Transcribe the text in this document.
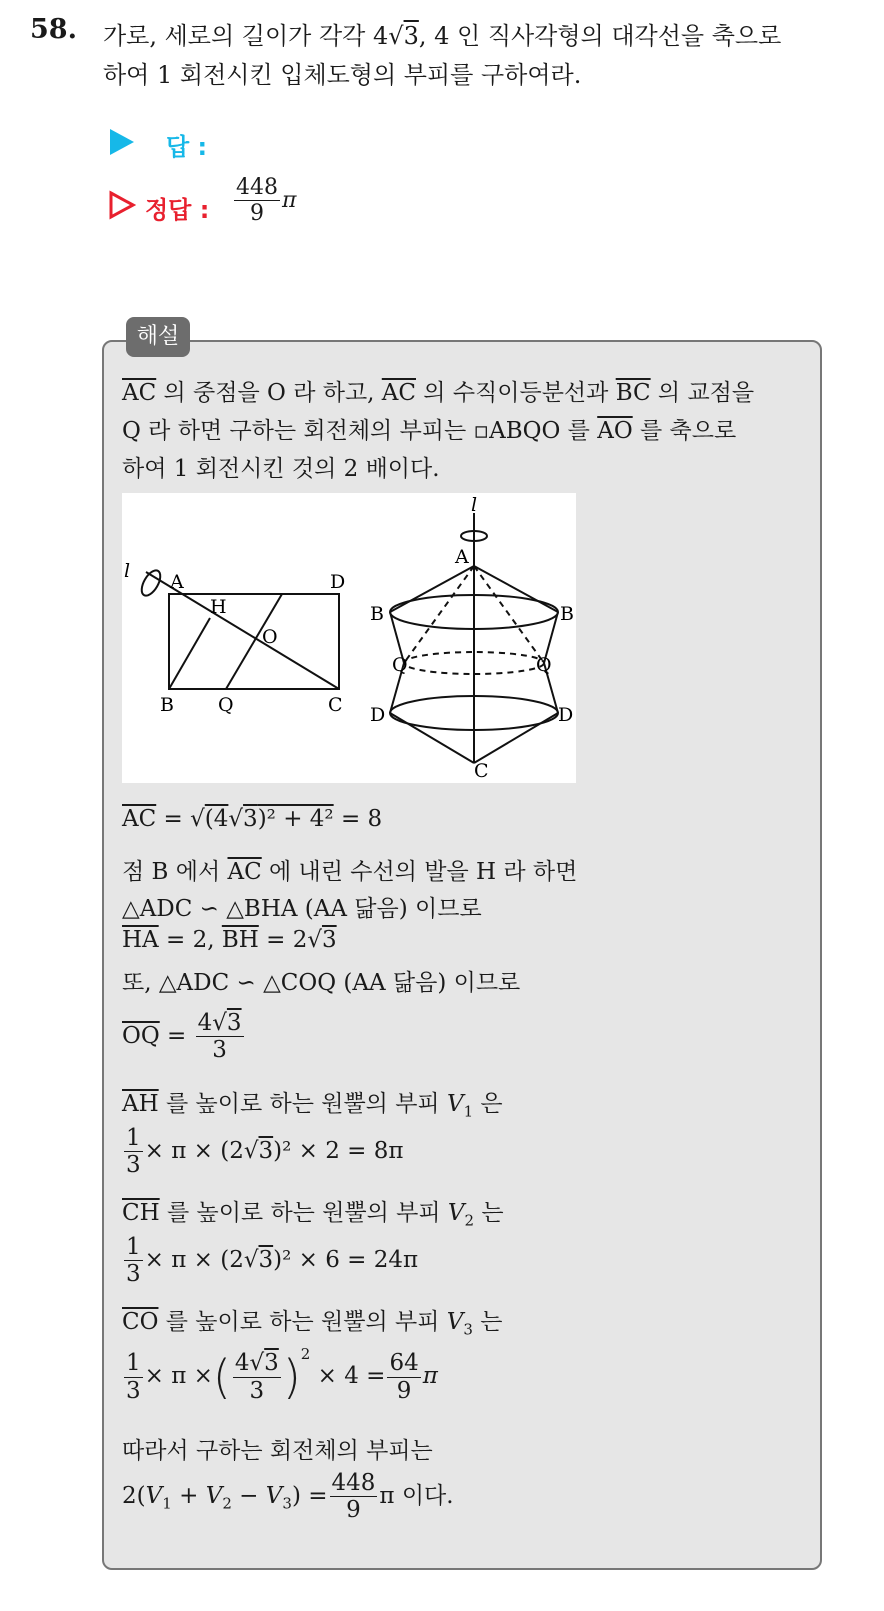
58. 가로, 세로의 길이가 각각 4√3, 4 인 직사각형의 대각선을 축으로
하여 1 회전시킨 입체도형의 부피를 구하여라.
답 :
정답 : $\frac{448}{9}$ π
해설
$\overline{AC}$ 의 중점을 O 라 하고, $\overline{AC}$ 의 수직이등분선과 $\overline{BC}$ 의 교점을
Q 라 하면 구하는 회전체의 부피는 ▫ABQO 를 $\overline{AO}$ 를 축으로
하여 1 회전시킨 것의 2 배이다.
l A	D
H
O
B Q	C
l
A
B	B
Q	Q
D	D
C
$\overline{AC} = √(4√3)^2 + 4^2 = 8$
점 B 에서 $\overline{AC}$ 에 내린 수선의 발을 H 라 하면
△ADC ∽ △BHA (AA 닮음) 이므로
$\overline{HA} = 2$, $\overline{BH} = 2√3$
또, △ADC ∽ △COQ (AA 닮음) 이므로
$\overline{OQ} = \frac{4√3}{3}$
$\overline{AH}$ 를 높이로 하는 원뿔의 부피 $V_1$ 은
$\frac{1}{3} \times \pi \times (2√3)^2 \times 2 = 8\pi$
$\overline{CH}$ 를 높이로 하는 원뿔의 부피 $V_2$ 는
$\frac{1}{3} \times \pi \times (2√3)^2 \times 6 = 24\pi$
$\overline{CO}$ 를 높이로 하는 원뿔의 부피 $V_3$ 는
$\frac{1}{3} \times \pi$ ×( $\frac{4√3}{3} )^2 \times 4 = \frac{64}{9}$ π
따라서 구하는 회전체의 부피는
$2(V_1 + V_2 - V_3) = \frac{448}{9}$ π 이다.
